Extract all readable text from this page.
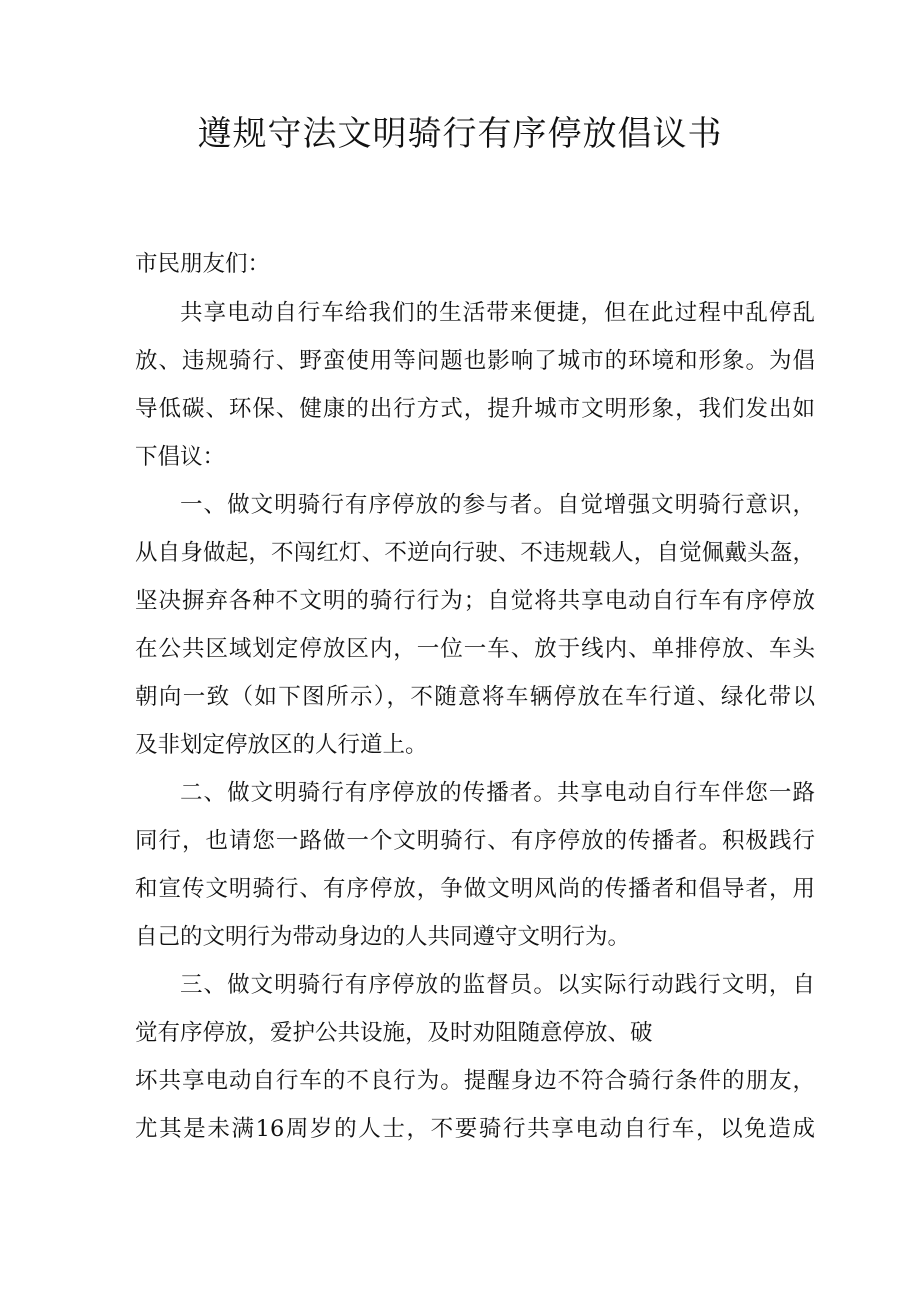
遵规守法文明骑行有序停放倡议书
市民朋友们：
共享电动自行车给我们的生活带来便捷，但在此过程中乱停乱
放、违规骑行、野蛮使用等问题也影响了城市的环境和形象。为倡
导低碳、环保、健康的出行方式，提升城市文明形象，我们发出如
下倡议：
一、做文明骑行有序停放的参与者。自觉增强文明骑行意识，
从自身做起，不闯红灯、不逆向行驶、不违规载人，自觉佩戴头盔，
坚决摒弃各种不文明的骑行行为；自觉将共享电动自行车有序停放
在公共区域划定停放区内，一位一车、放于线内、单排停放、车头
朝向一致（如下图所示），不随意将车辆停放在车行道、绿化带以
及非划定停放区的人行道上。
二、做文明骑行有序停放的传播者。共享电动自行车伴您一路
同行，也请您一路做一个文明骑行、有序停放的传播者。积极践行
和宣传文明骑行、有序停放，争做文明风尚的传播者和倡导者，用
自己的文明行为带动身边的人共同遵守文明行为。
三、做文明骑行有序停放的监督员。以实际行动践行文明，自
觉有序停放，爱护公共设施，及时劝阻随意停放、破
坏共享电动自行车的不良行为。提醒身边不符合骑行条件的朋友，
尤其是未满16周岁的人士，不要骑行共享电动自行车，以免造成
